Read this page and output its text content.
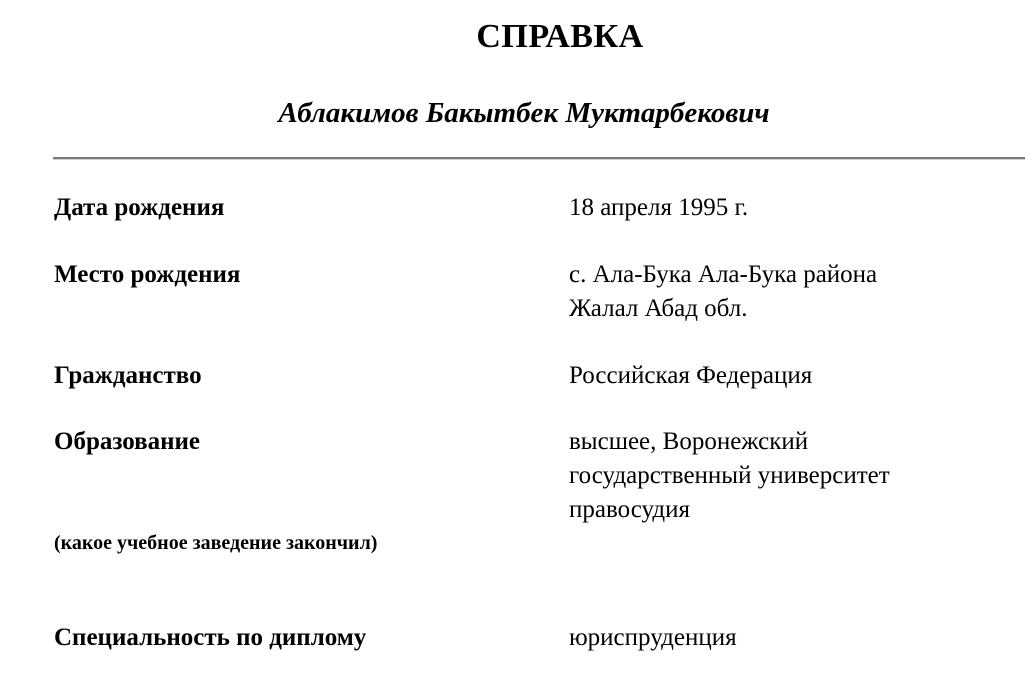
СПРАВКА
Аблакимов Бакытбек Муктарбекович
Дата рождения	18 апреля 1995 г.
Место рождения	с. Ала-Бука Ала-Бука района
Жалал Абад обл.
Гражданство	Российская Федерация
Образование	высшее, Воронежский
государственный университет
правосудия
(какое учебное заведение закончил)
Специальность по диплому	юриспруденция
